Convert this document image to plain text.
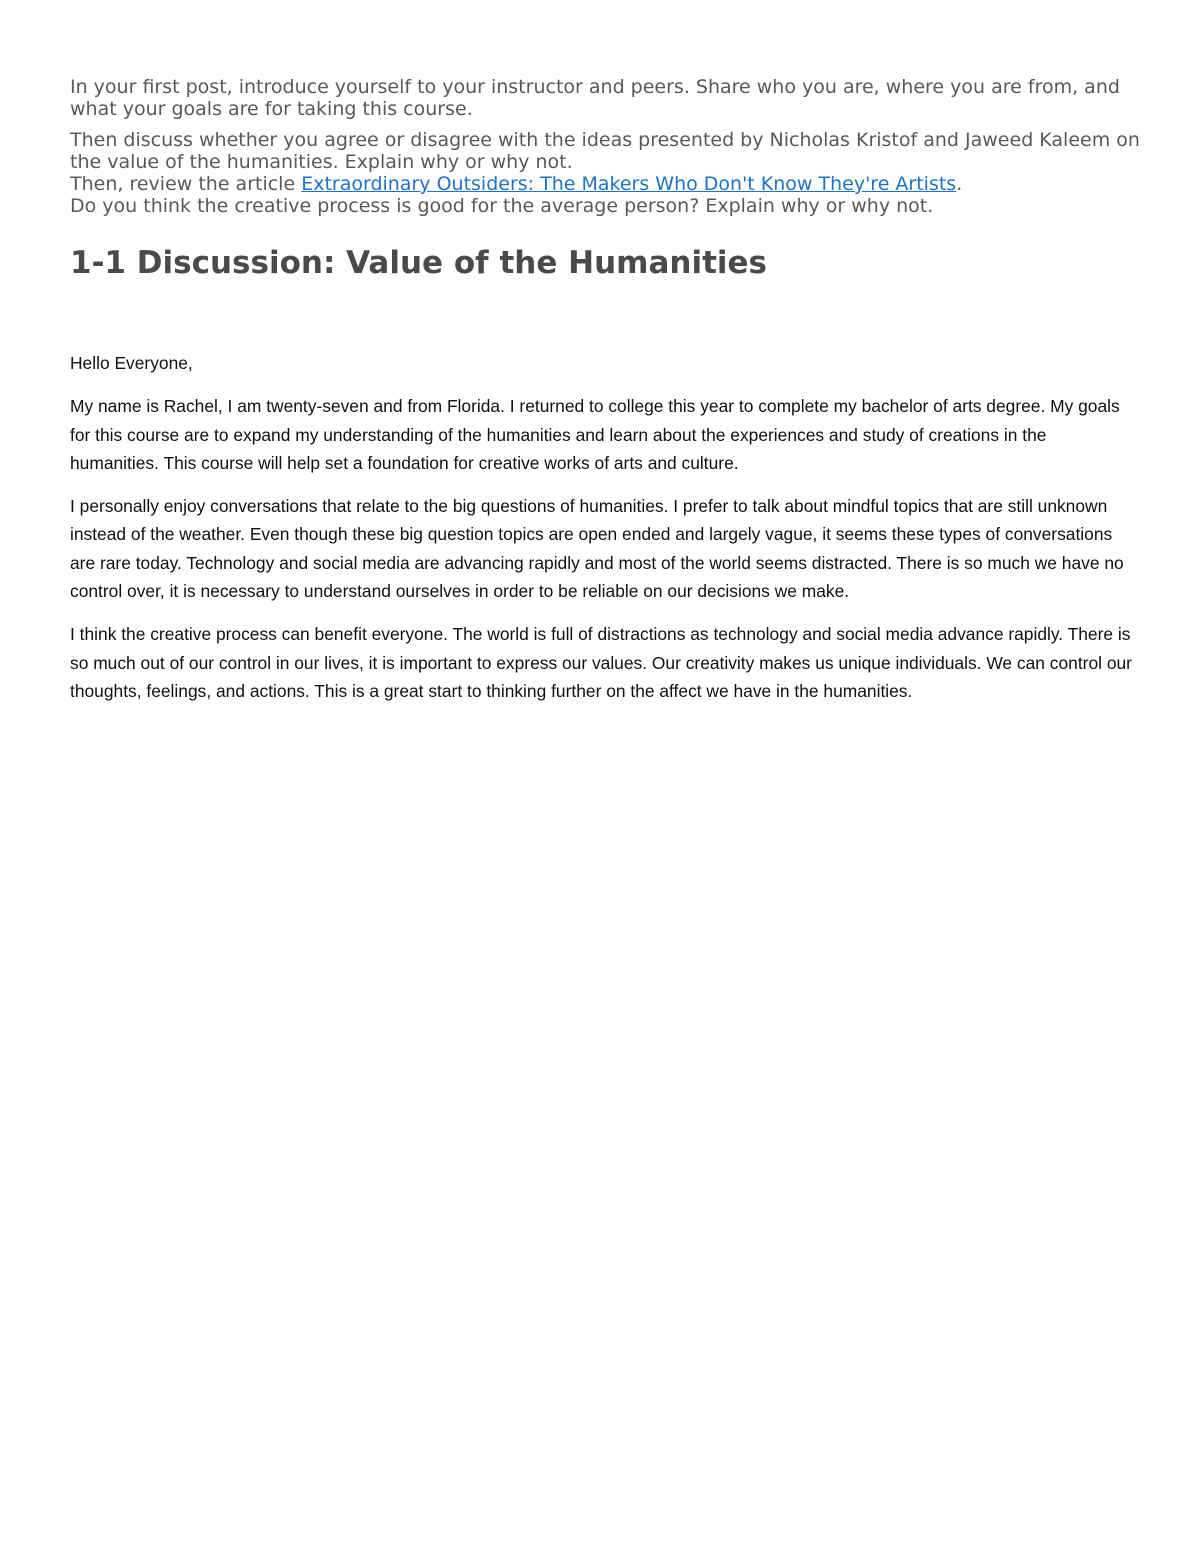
In your first post, introduce yourself to your instructor and peers. Share who you are, where you are from, and what your goals are for taking this course.

Then discuss whether you agree or disagree with the ideas presented by Nicholas Kristof and Jaweed Kaleem on the value of the humanities. Explain why or why not.

Then, review the article Extraordinary Outsiders: The Makers Who Don't Know They're Artists.

Do you think the creative process is good for the average person? Explain why or why not.

1-1 Discussion: Value of the Humanities

Hello Everyone,

My name is Rachel, I am twenty-seven and from Florida. I returned to college this year to complete my bachelor of arts degree. My goals for this course are to expand my understanding of the humanities and learn about the experiences and study of creations in the humanities. This course will help set a foundation for creative works of arts and culture.

I personally enjoy conversations that relate to the big questions of humanities. I prefer to talk about mindful topics that are still unknown instead of the weather. Even though these big question topics are open ended and largely vague, it seems these types of conversations are rare today. Technology and social media are advancing rapidly and most of the world seems distracted. There is so much we have no control over, it is necessary to understand ourselves in order to be reliable on our decisions we make.

I think the creative process can benefit everyone. The world is full of distractions as technology and social media advance rapidly. There is so much out of our control in our lives, it is important to express our values. Our creativity makes us unique individuals. We can control our thoughts, feelings, and actions. This is a great start to thinking further on the affect we have in the humanities.
